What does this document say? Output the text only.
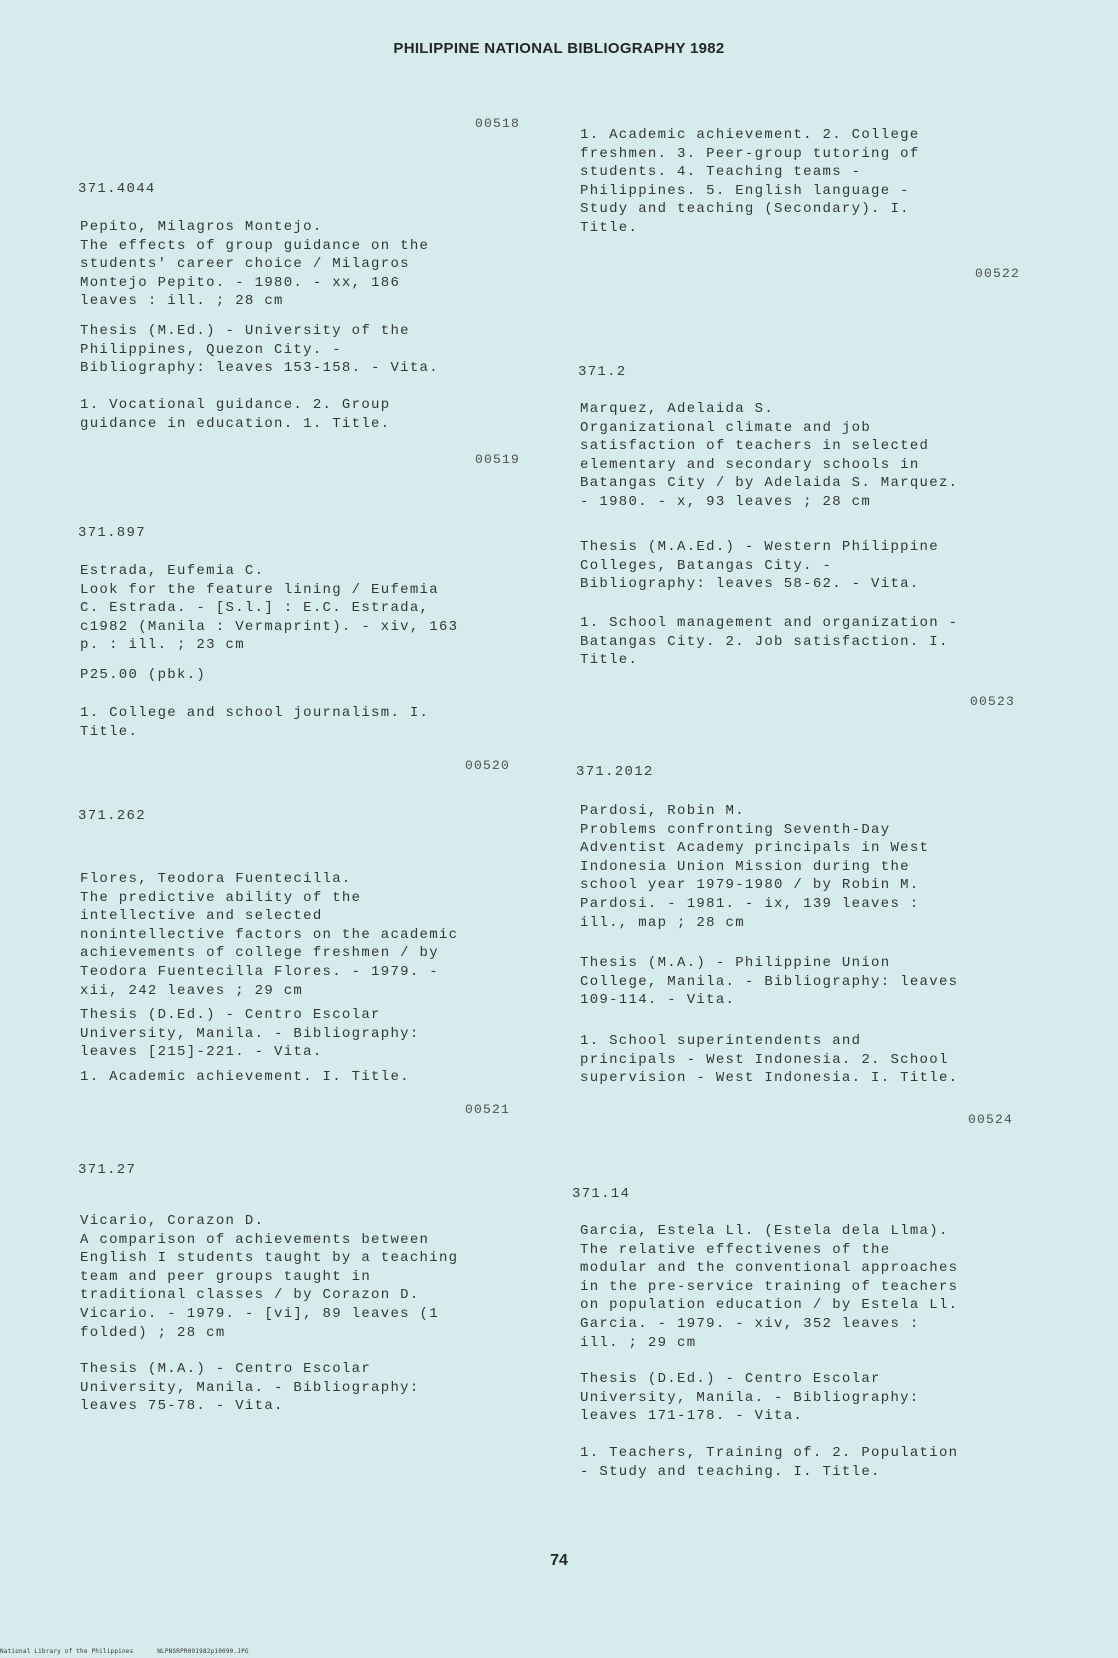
PHILIPPINE NATIONAL BIBLIOGRAPHY 1982
00518
371.4044
Pepito, Milagros Montejo.
The effects of group guidance on the
students' career choice / Milagros
Montejo Pepito. - 1980. - xx, 186
leaves : ill. ; 28 cm
Thesis (M.Ed.) - University of the
Philippines, Quezon City. -
Bibliography: leaves 153-158. - Vita.
1. Vocational guidance. 2. Group
guidance in education. 1. Title.
00519
371.897
Estrada, Eufemia C.
Look for the feature lining / Eufemia
C. Estrada. - [S.l.] : E.C. Estrada,
c1982 (Manila : Vermaprint). - xiv, 163
p. : ill. ; 23 cm
P25.00 (pbk.)
1. College and school journalism. I.
Title.
00520
371.262
Flores, Teodora Fuentecilla.
The predictive ability of the
intellective and selected
nonintellective factors on the academic
achievements of college freshmen / by
Teodora Fuentecilla Flores. - 1979. -
xii, 242 leaves ; 29 cm
Thesis (D.Ed.) - Centro Escolar
University, Manila. - Bibliography:
leaves [215]-221. - Vita.
1. Academic achievement. I. Title.
00521
371.27
Vicario, Corazon D.
A comparison of achievements between
English I students taught by a teaching
team and peer groups taught in
traditional classes / by Corazon D.
Vicario. - 1979. - [vi], 89 leaves (1
folded) ; 28 cm
Thesis (M.A.) - Centro Escolar
University, Manila. - Bibliography:
leaves 75-78. - Vita.
1. Academic achievement. 2. College
freshmen. 3. Peer-group tutoring of
students. 4. Teaching teams -
Philippines. 5. English language -
Study and teaching (Secondary). I.
Title.
00522
371.2
Marquez, Adelaida S.
Organizational climate and job
satisfaction of teachers in selected
elementary and secondary schools in
Batangas City / by Adelaida S. Marquez.
- 1980. - x, 93 leaves ; 28 cm
Thesis (M.A.Ed.) - Western Philippine
Colleges, Batangas City. -
Bibliography: leaves 58-62. - Vita.
1. School management and organization -
Batangas City. 2. Job satisfaction. I.
Title.
00523
371.2012
Pardosi, Robin M.
Problems confronting Seventh-Day
Adventist Academy principals in West
Indonesia Union Mission during the
school year 1979-1980 / by Robin M.
Pardosi. - 1981. - ix, 139 leaves :
ill., map ; 28 cm
Thesis (M.A.) - Philippine Union
College, Manila. - Bibliography: leaves
109-114. - Vita.
1. School superintendents and
principals - West Indonesia. 2. School
supervision - West Indonesia. I. Title.
00524
371.14
Garcia, Estela Ll. (Estela dela Llma).
The relative effectivenes of the
modular and the conventional approaches
in the pre-service training of teachers
on population education / by Estela Ll.
Garcia. - 1979. - xiv, 352 leaves :
ill. ; 29 cm
Thesis (D.Ed.) - Centro Escolar
University, Manila. - Bibliography:
leaves 171-178. - Vita.
1. Teachers, Training of. 2. Population
- Study and teaching. I. Title.
74
National Library of the Philippines	NLPNSRPR091982p10090.JPG
